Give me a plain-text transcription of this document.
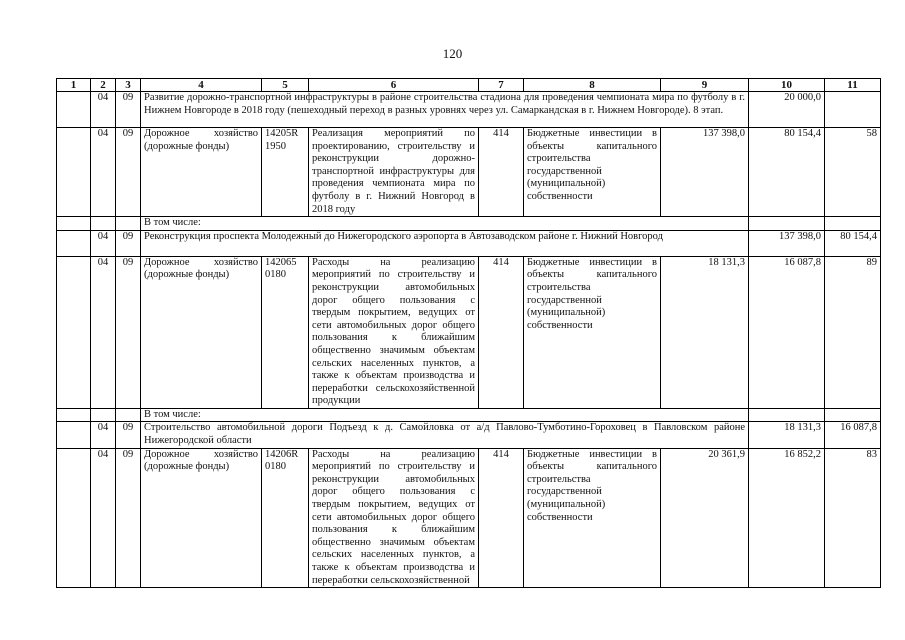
120
1	2	3	4	5	6	7	8	9	10	11	
	04	09	Развитие дорожно-транспортной инфраструктуры в районе строительства стадиона для проведения чемпионата мира по футболу в г. Нижнем Новгороде в 2018 году (пешеходный переход в разных уровнях через ул. Самаркандская в г. Нижнем Новгороде). 8 этап.						20 000,0		
	04	09	Дорожное хозяйство (дорожные фонды)	14205R 1950	Реализация мероприятий по проектированию, строительству и реконструкции дорожно-транспортной инфраструктуры для проведения чемпионата мира по футболу в г. Нижний Новгород в 2018 году	414	Бюджетные инвестиции в объекты капитального строительства государственной (муниципальной) собственности	137 398,0	80 154,4	58	
			В том числе:								
	04	09	Реконструкция проспекта Молодежный до Нижегородского аэропорта в Автозаводском районе г. Нижний Новгород						137 398,0	80 154,4	
	04	09	Дорожное хозяйство (дорожные фонды)	142065 0180	Расходы на реализацию мероприятий по строительству и реконструкции автомобильных дорог общего пользования с твердым покрытием, ведущих от сети автомобильных дорог общего пользования к ближайшим общественно значимым объектам сельских населенных пунктов, а также к объектам производства и переработки сельскохозяйственной продукции	414	Бюджетные инвестиции в объекты капитального строительства государственной (муниципальной) собственности	18 131,3	16 087,8	89	
			В том числе:								
	04	09	Строительство автомобильной дороги Подъезд к д. Самойловка от а/д Павлово-Тумботино-Гороховец в Павловском районе Нижегородской области						18 131,3	16 087,8	
	04	09	Дорожное хозяйство (дорожные фонды)	14206R 0180	Расходы на реализацию мероприятий по строительству и реконструкции автомобильных дорог общего пользования с твердым покрытием, ведущих от сети автомобильных дорог общего пользования к ближайшим общественно значимым объектам сельских населенных пунктов, а также к объектам производства и переработки сельскохозяйственной	414	Бюджетные инвестиции в объекты капитального строительства государственной (муниципальной) собственности	20 361,9	16 852,2	83	
